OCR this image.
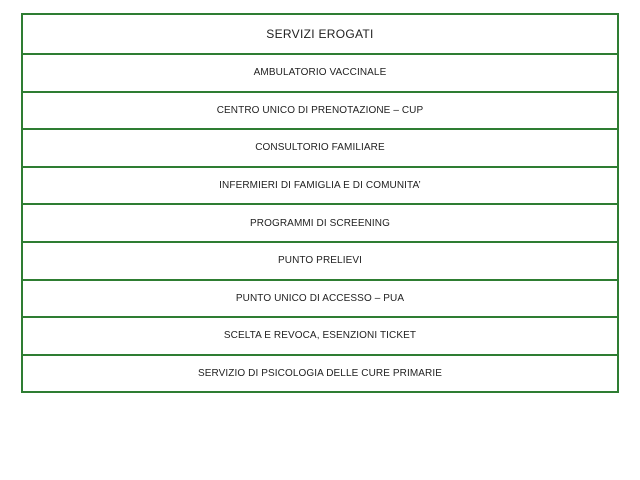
SERVIZI EROGATI
AMBULATORIO VACCINALE
CENTRO UNICO DI PRENOTAZIONE – CUP
CONSULTORIO FAMILIARE
INFERMIERI DI FAMIGLIA E DI COMUNITA’
PROGRAMMI DI SCREENING
PUNTO PRELIEVI
PUNTO UNICO DI ACCESSO – PUA
SCELTA E REVOCA, ESENZIONI TICKET
SERVIZIO DI PSICOLOGIA DELLE CURE PRIMARIE
